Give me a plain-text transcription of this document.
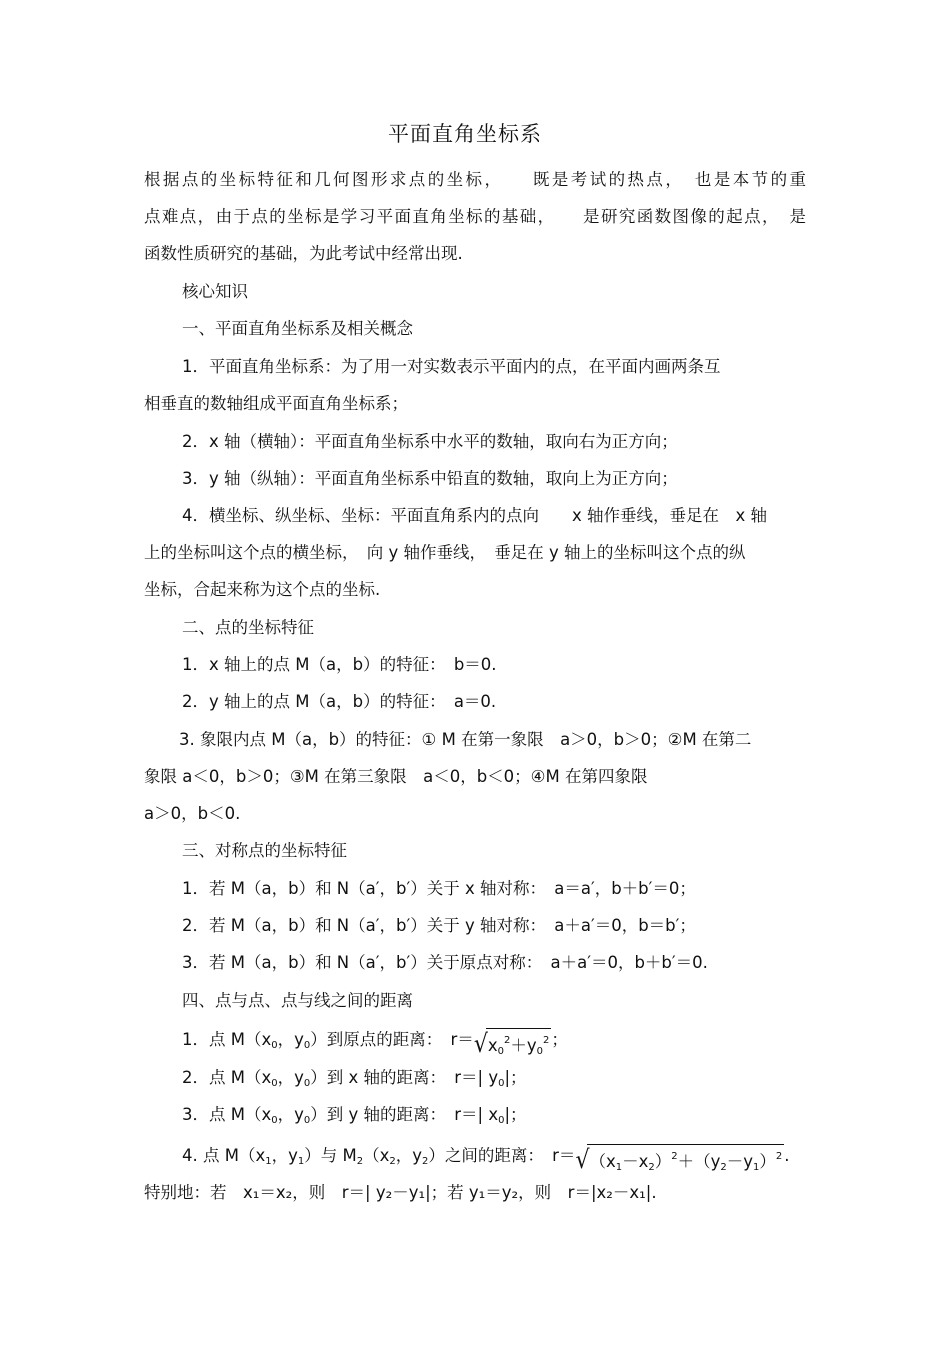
平面直角坐标系
根据点的坐标特征和几何图形求点的坐标，　　既是考试的热点，　也是本节的重
点难点，由于点的坐标是学习平面直角坐标的基础，　　是研究函数图像的起点，　是
函数性质研究的基础，为此考试中经常出现.
核心知识
一、平面直角坐标系及相关概念
1．平面直角坐标系：为了用一对实数表示平面内的点，在平面内画两条互
相垂直的数轴组成平面直角坐标系；
2．x 轴（横轴）：平面直角坐标系中水平的数轴，取向右为正方向；
3．y 轴（纵轴）：平面直角坐标系中铅直的数轴，取向上为正方向；
4．横坐标、纵坐标、坐标：平面直角系内的点向　　x 轴作垂线，垂足在　x 轴
上的坐标叫这个点的横坐标，　向 y 轴作垂线，　垂足在 y 轴上的坐标叫这个点的纵
坐标，合起来称为这个点的坐标.
二、点的坐标特征
1．x 轴上的点 M（a，b）的特征：　b＝0.
2．y 轴上的点 M（a，b）的特征：　a＝0.
3. 象限内点 M（a，b）的特征：① M 在第一象限　a＞0，b＞0；②M 在第二
象限 a＜0，b＞0；③M 在第三象限　a＜0，b＜0；④M 在第四象限
a＞0，b＜0.
三、对称点的坐标特征
1．若 M（a，b）和 N（a′，b′）关于 x 轴对称：　a＝a′，b＋b′＝0；
2．若 M（a，b）和 N（a′，b′）关于 y 轴对称：　a＋a′＝0，b＝b′；
3．若 M（a，b）和 N（a′，b′）关于原点对称：　a＋a′＝0，b＋b′＝0.
四、点与点、点与线之间的距离
1．点 $M(x_0$，$y_0$）到原点的距离：　$r=√x_0^2+y_0^2$ ；
2．点 $M(x_0$，$y_0$）到 x 轴的距离：　r＝| $y_0|$；
3．点 $M(x_0$，$y_0$）到 y 轴的距离：　r＝| $x_0|$；
4. 点 $M(x_1$，$y_1$）与 $M_2(x_2$，$y_2$）之间的距离：　$r=√(x_1-x_2)^2+(y_2-y_1)^2$ .
特别地：若　x₁＝x₂，则　r＝| y₂－y₁|；若 y₁＝y₂，则　r＝|x₂－x₁|.
